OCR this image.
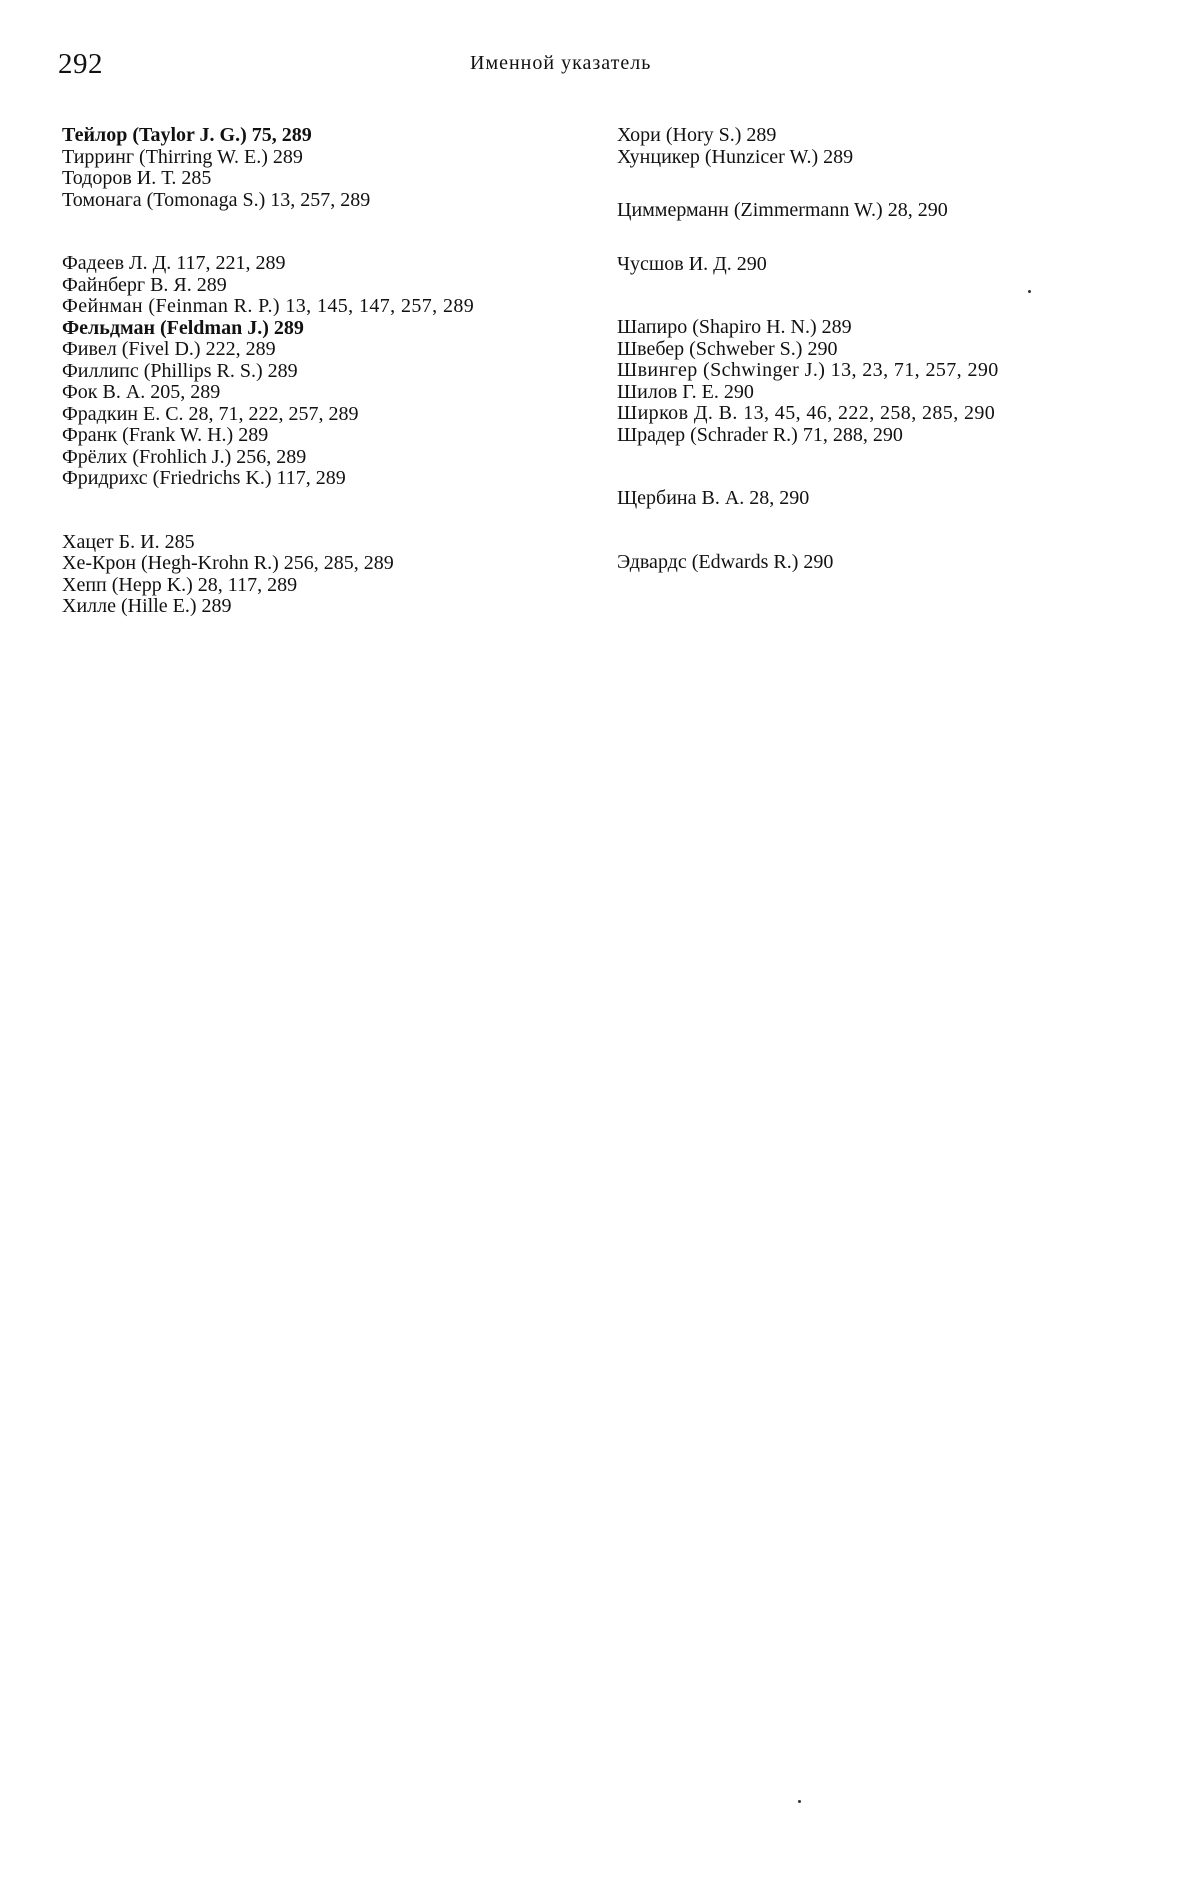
292	Именной указатель
Тейлор (Taylor J. G.) 75, 289
Тирринг (Thirring W. E.) 289
Тодоров И. Т. 285
Томонага (Tomonaga S.) 13, 257, 289
Фадеев Л. Д. 117, 221, 289
Файнберг В. Я. 289
Фейнман (Feinman R. P.) 13, 145, 147, 257, 289
Фельдман (Feldman J.) 289
Фивел (Fivel D.) 222, 289
Филлипс (Phillips R. S.) 289
Фок В. А. 205, 289
Фрадкин Е. С. 28, 71, 222, 257, 289
Франк (Frank W. H.) 289
Фрёлих (Frohlich J.) 256, 289
Фридрихс (Friedrichs K.) 117, 289
Хацет Б. И. 285
Хе-Крон (Hegh-Krohn R.) 256, 285, 289
Хепп (Hepp K.) 28, 117, 289
Хилле (Hille E.) 289
Хори (Hory S.) 289
Хунцикер (Hunzicer W.) 289
Циммерманн (Zimmermann W.) 28, 290
Чусшов И. Д. 290
Шапиро (Shapiro H. N.) 289
Швебер (Schweber S.) 290
Швингер (Schwinger J.) 13, 23, 71, 257, 290
Шилов Г. Е. 290
Ширков Д. В. 13, 45, 46, 222, 258, 285, 290
Шрадер (Schrader R.) 71, 288, 290
Щербина В. А. 28, 290
Эдвардс (Edwards R.) 290
